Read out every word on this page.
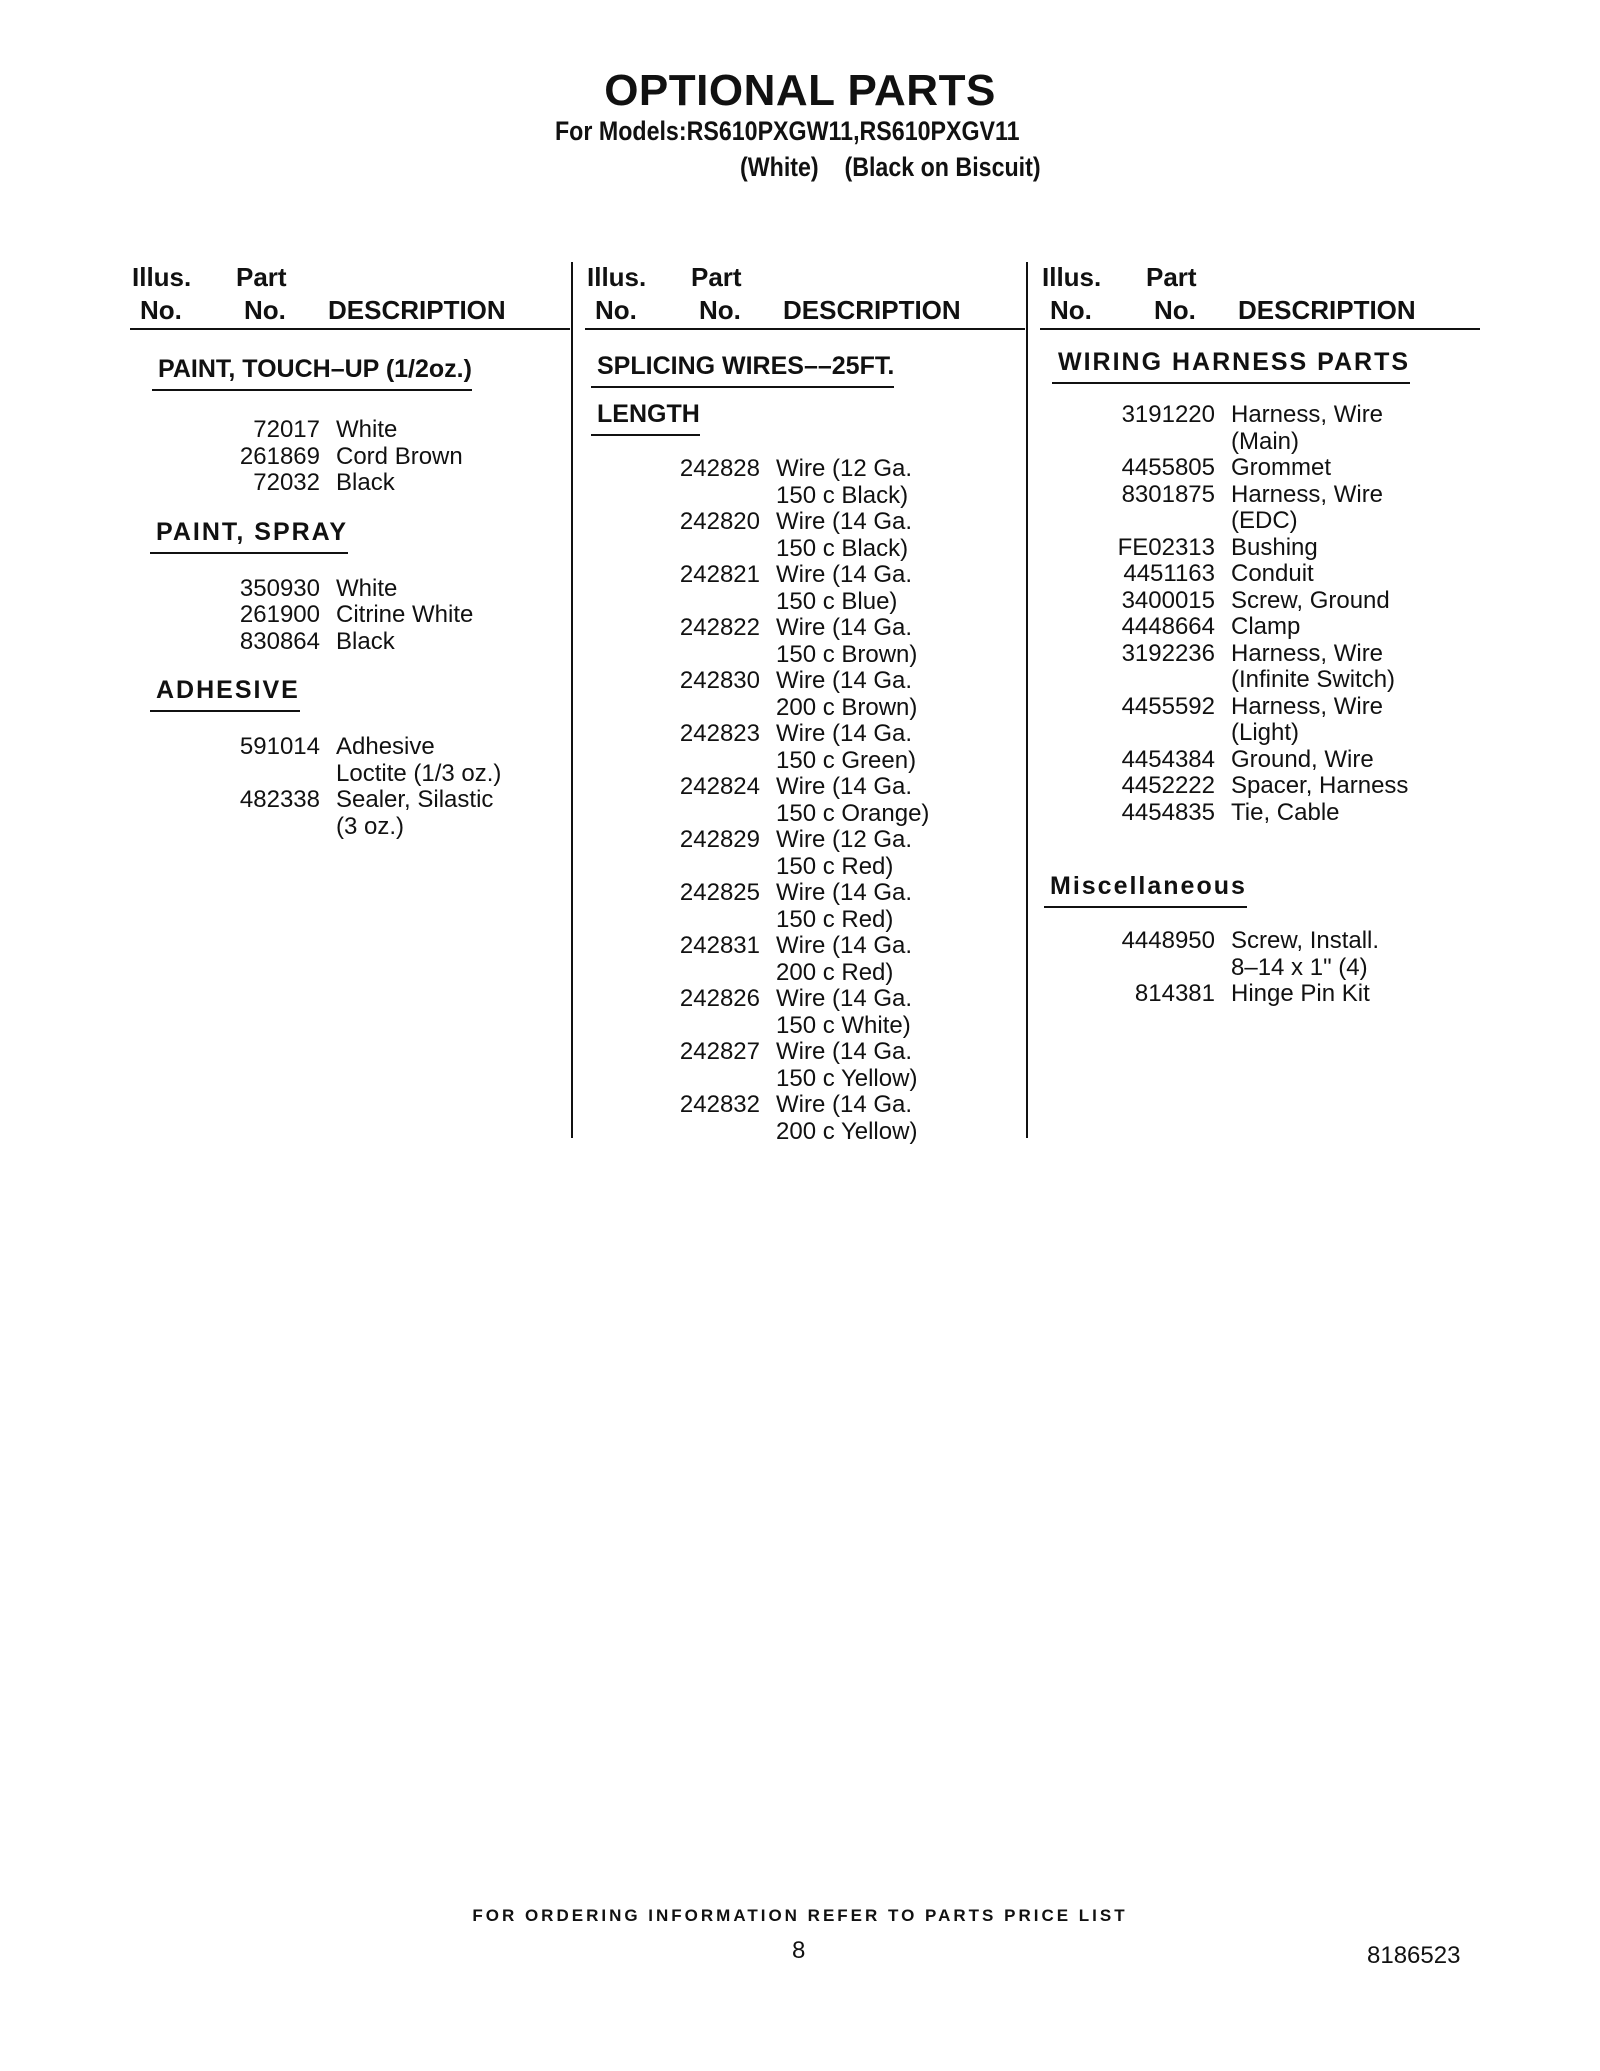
OPTIONAL PARTS
For Models:RS610PXGW11,RS610PXGV11
(White)    (Black on Biscuit)
Illus. Part
No. No. DESCRIPTION
PAINT, TOUCH–UP (1/2oz.)
72017 White
261869 Cord Brown
72032 Black
PAINT, SPRAY
350930 White
261900 Citrine White
830864 Black
ADHESIVE
591014 Adhesive
Loctite (1/3 oz.)
482338 Sealer, Silastic
(3 oz.)
Illus. Part
No. No. DESCRIPTION
SPLICING WIRES––25FT.
LENGTH
242828 Wire (12 Ga.
150 c Black)
242820 Wire (14 Ga.
150 c Black)
242821 Wire (14 Ga.
150 c Blue)
242822 Wire (14 Ga.
150 c Brown)
242830 Wire (14 Ga.
200 c Brown)
242823 Wire (14 Ga.
150 c Green)
242824 Wire (14 Ga.
150 c Orange)
242829 Wire (12 Ga.
150 c Red)
242825 Wire (14 Ga.
150 c Red)
242831 Wire (14 Ga.
200 c Red)
242826 Wire (14 Ga.
150 c White)
242827 Wire (14 Ga.
150 c Yellow)
242832 Wire (14 Ga.
200 c Yellow)
Illus. Part
No. No. DESCRIPTION
WIRING HARNESS PARTS
3191220 Harness, Wire
(Main)
4455805 Grommet
8301875 Harness, Wire
(EDC)
FE02313 Bushing
4451163 Conduit
3400015 Screw, Ground
4448664 Clamp
3192236 Harness, Wire
(Infinite Switch)
4455592 Harness, Wire
(Light)
4454384 Ground, Wire
4452222 Spacer, Harness
4454835 Tie, Cable
Miscellaneous
4448950 Screw, Install.
8–14 x 1" (4)
814381 Hinge Pin Kit
FOR ORDERING INFORMATION REFER TO PARTS PRICE LIST
8	8186523
